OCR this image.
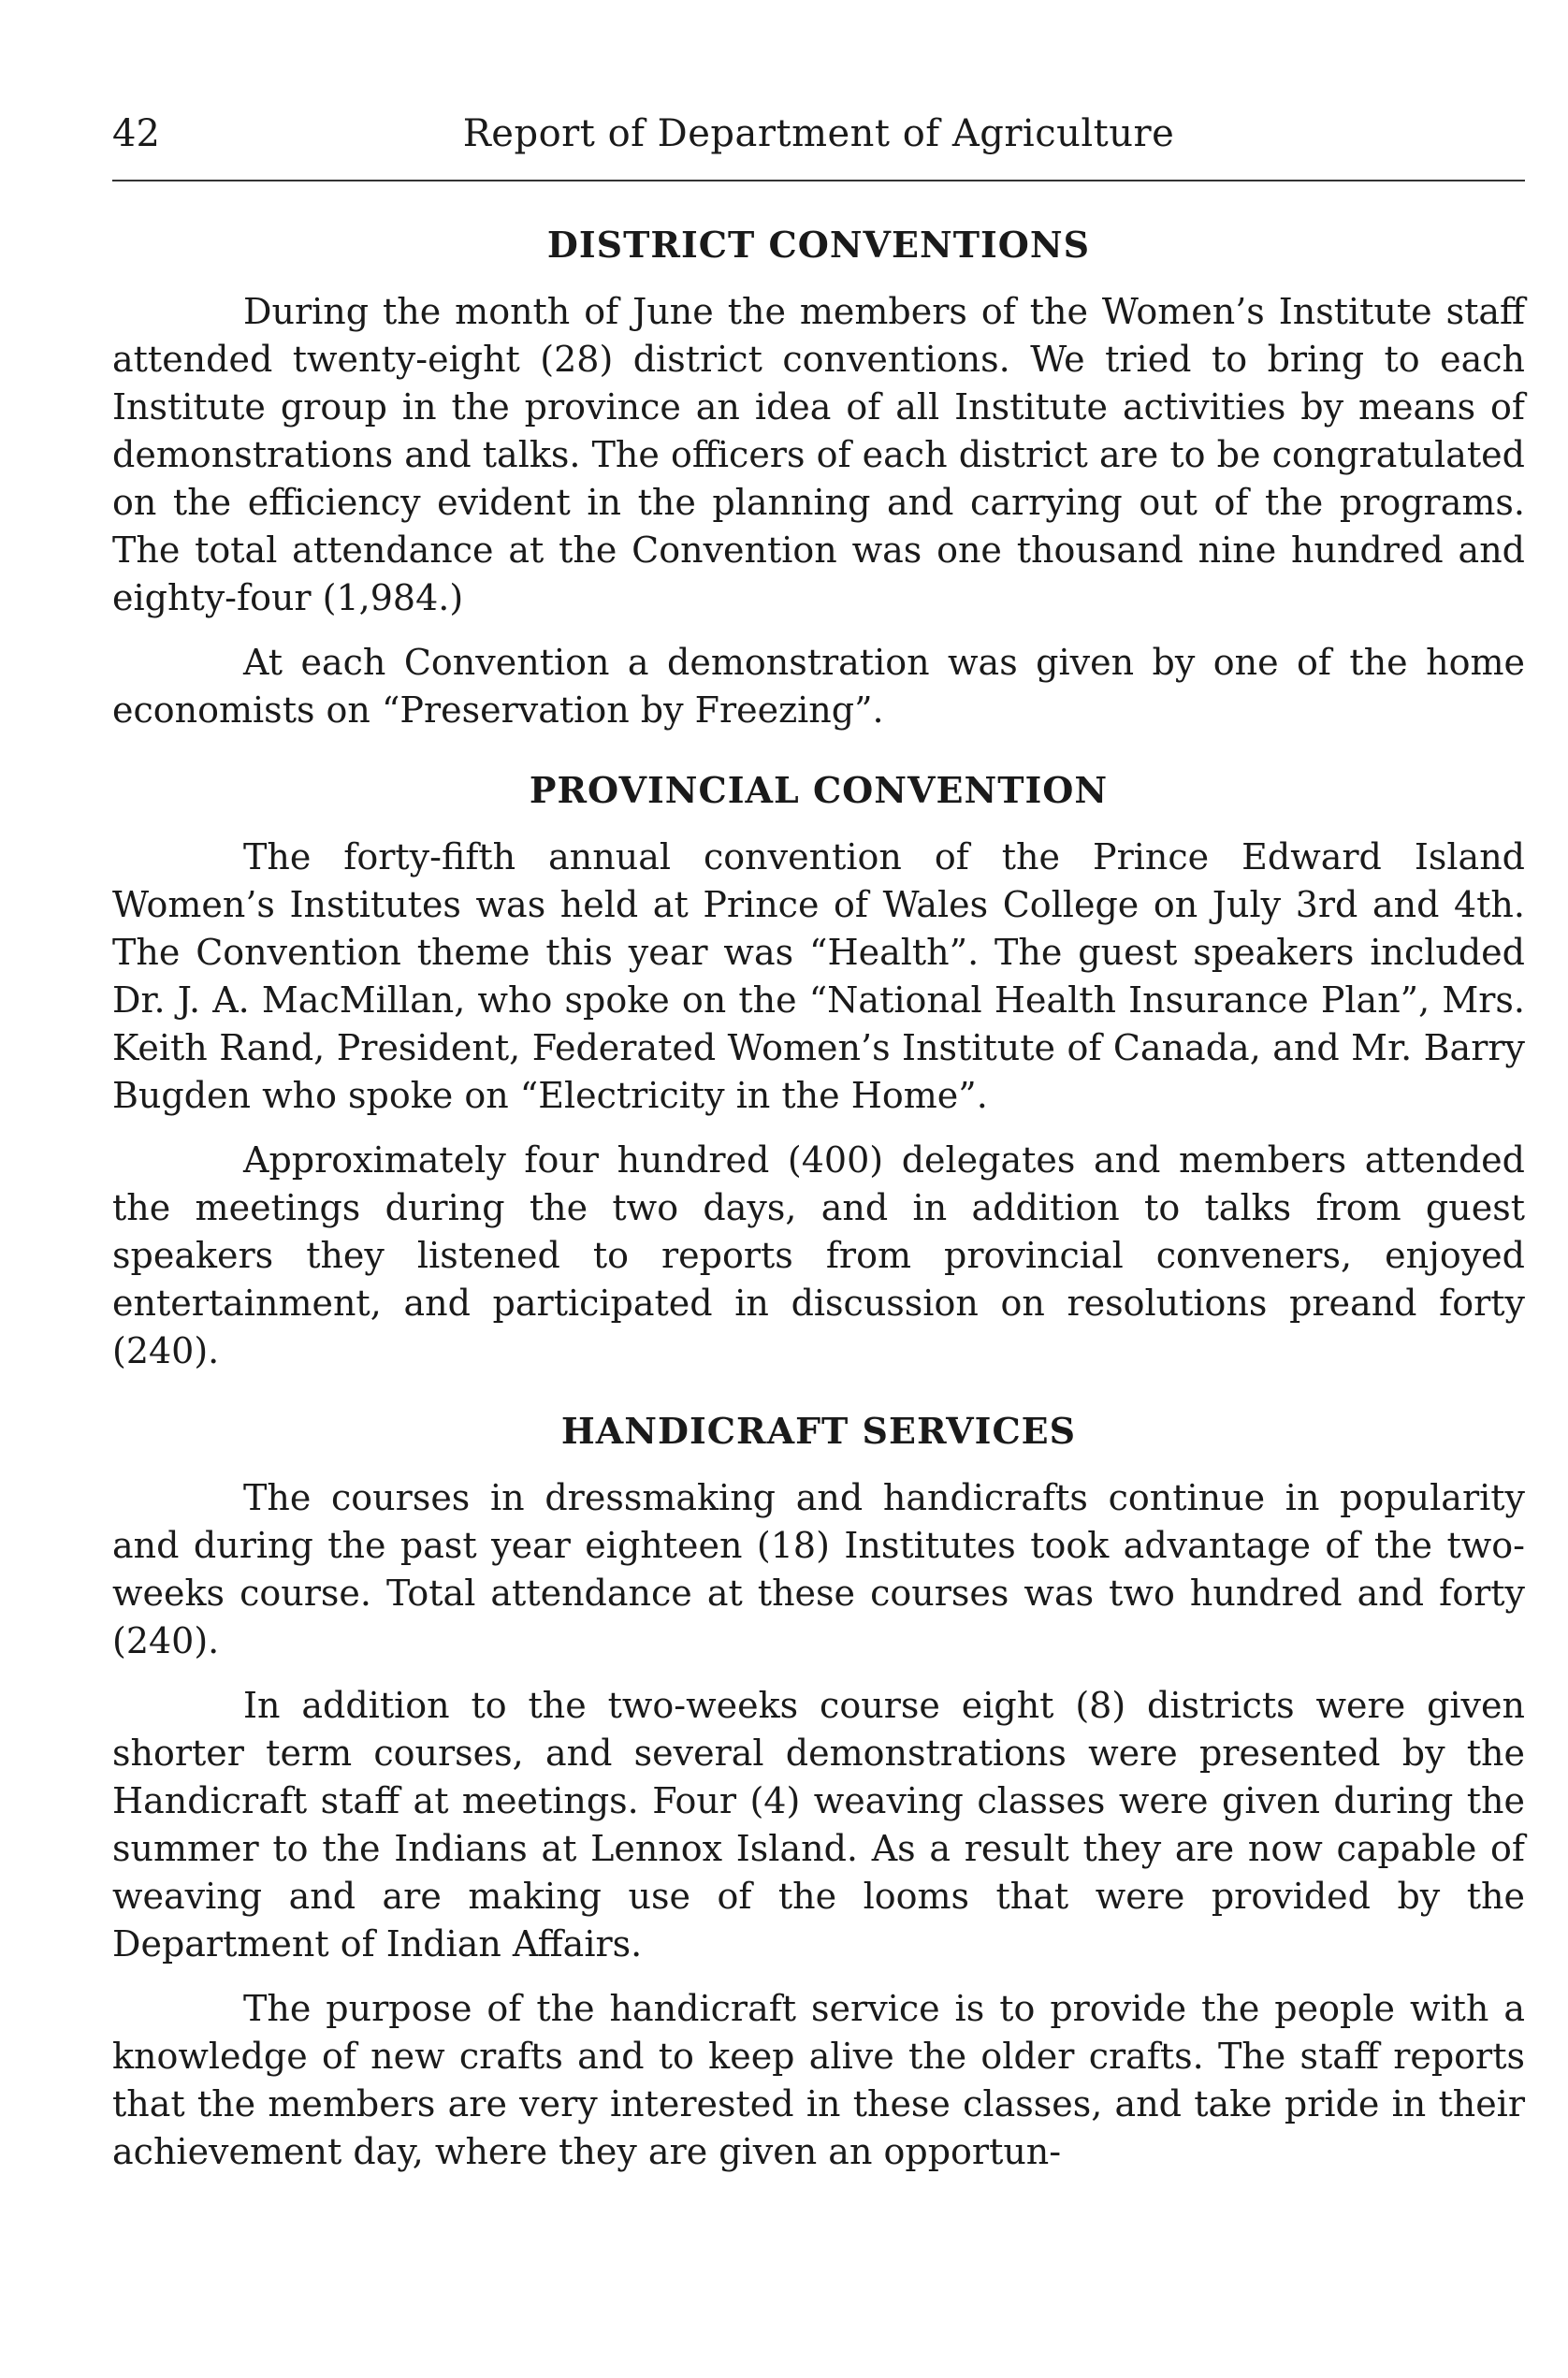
42	Report of Department of Agriculture
DISTRICT CONVENTIONS

During the month of June the members of the Women’s Institute staff attended twenty-eight (28) district conventions. We tried to bring to each Institute group in the province an idea of all Institute activities by means of demonstrations and talks. The officers of each district are to be congratulated on the efficiency evident in the planning and carrying out of the programs. The total attendance at the Convention was one thousand nine hundred and eighty-four (1,984.)

At each Convention a demonstration was given by one of the home economists on “Preservation by Freezing”.

PROVINCIAL CONVENTION

The forty-fifth annual convention of the Prince Edward Island Women’s Institutes was held at Prince of Wales College on July 3rd and 4th. The Convention theme this year was “Health”. The guest speakers included Dr. J. A. MacMillan, who spoke on the “National Health Insurance Plan”, Mrs. Keith Rand, President, Federated Women’s Institute of Canada, and Mr. Barry Bugden who spoke on “Electricity in the Home”.

Approximately four hundred (400) delegates and members attended the meetings during the two days, and in addition to talks from guest speakers they listened to reports from provincial conveners, enjoyed entertainment, and participated in discussion on resolutions preand forty (240).

HANDICRAFT SERVICES

The courses in dressmaking and handicrafts continue in popularity and during the past year eighteen (18) Institutes took advantage of the two-weeks course. Total attendance at these courses was two hundred and forty (240).

In addition to the two-weeks course eight (8) districts were given shorter term courses, and several demonstrations were presented by the Handicraft staff at meetings. Four (4) weaving classes were given during the summer to the Indians at Lennox Island. As a result they are now capable of weaving and are making use of the looms that were provided by the Department of Indian Affairs.

The purpose of the handicraft service is to provide the people with a knowledge of new crafts and to keep alive the older crafts. The staff reports that the members are very interested in these classes, and take pride in their achievement day, where they are given an opportun-
